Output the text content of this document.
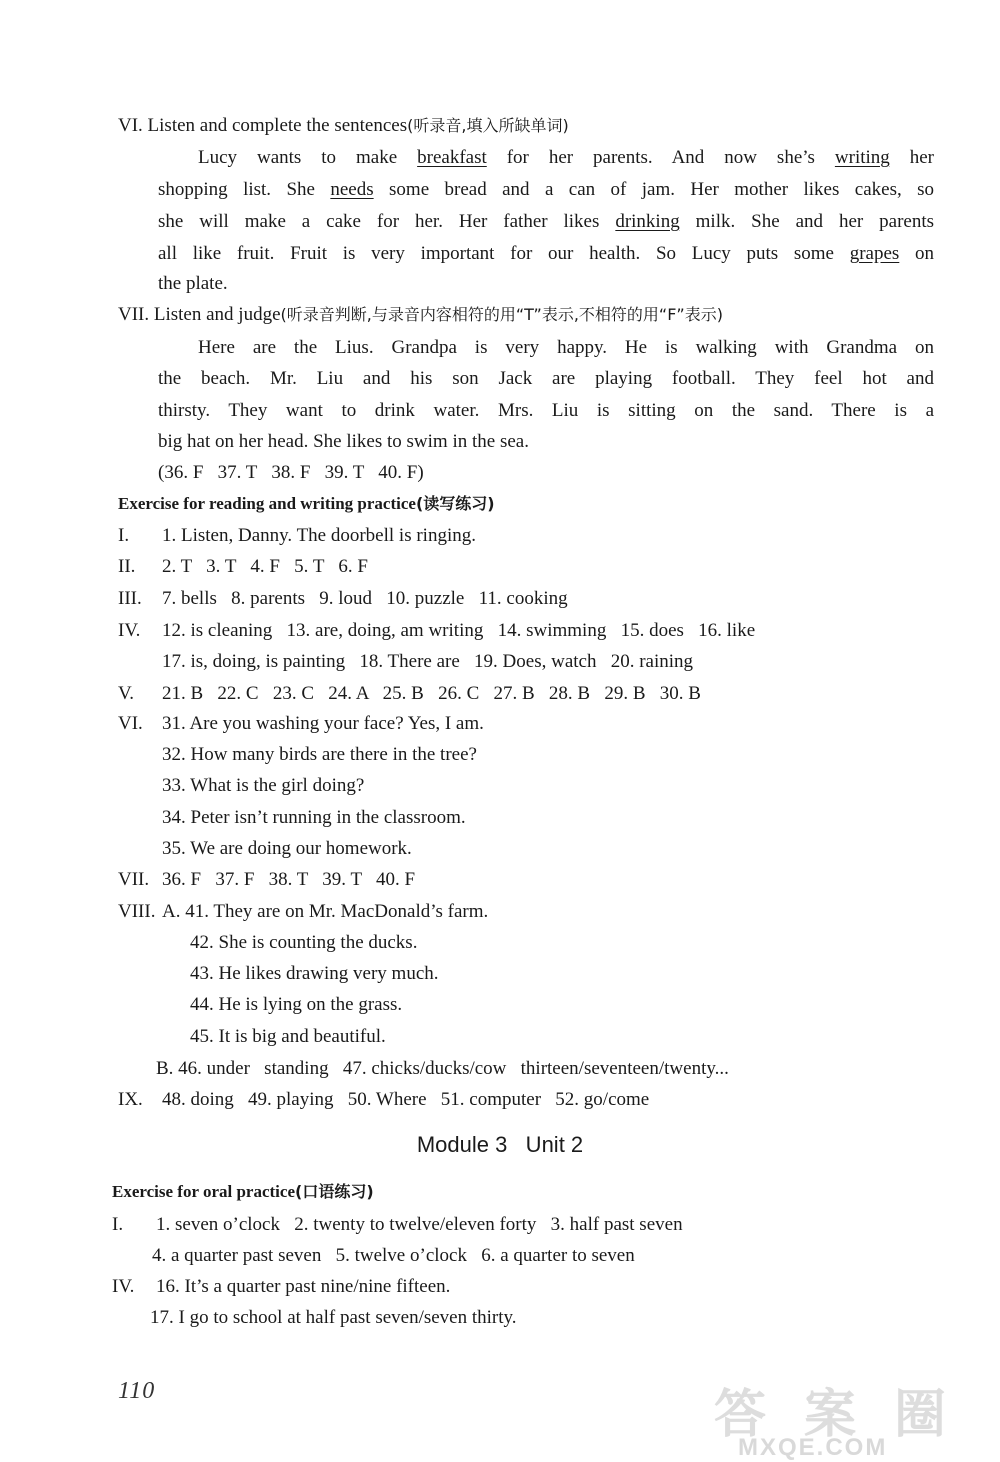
VI. Listen and complete the sentences(听录音,填入所缺单词)
Lucy wants to make breakfast for her parents. And now she’s writing her
shopping list. She needs some bread and a can of jam. Her mother likes cakes, so
she will make a cake for her. Her father likes drinking milk. She and her parents
all like fruit. Fruit is very important for our health. So Lucy puts some grapes on
the plate.
VII. Listen and judge(听录音判断,与录音内容相符的用“T”表示,不相符的用“F”表示)
Here are the Lius. Grandpa is very happy. He is walking with Grandma on
the beach. Mr. Liu and his son Jack are playing football. They feel hot and
thirsty. They want to drink water. Mrs. Liu is sitting on the sand. There is a
big hat on her head. She likes to swim in the sea.
(36. F   37. T   38. F   39. T   40. F)
Exercise for reading and writing practice(读写练习)
I. 1. Listen, Danny. The doorbell is ringing.
II. 2. T   3. T   4. F   5. T   6. F
III. 7. bells   8. parents   9. loud   10. puzzle   11. cooking
IV. 12. is cleaning   13. are, doing, am writing   14. swimming   15. does   16. like
17. is, doing, is painting   18. There are   19. Does, watch   20. raining
V. 21. B   22. C   23. C   24. A   25. B   26. C   27. B   28. B   29. B   30. B
VI. 31. Are you washing your face? Yes, I am.
32. How many birds are there in the tree?
33. What is the girl doing?
34. Peter isn’t running in the classroom.
35. We are doing our homework.
VII. 36. F   37. F   38. T   39. T   40. F
VIII. A. 41. They are on Mr. MacDonald’s farm.
42. She is counting the ducks.
43. He likes drawing very much.
44. He is lying on the grass.
45. It is big and beautiful.
B. 46. under   standing   47. chicks/ducks/cow   thirteen/seventeen/twenty...
IX. 48. doing   49. playing   50. Where   51. computer   52. go/come
Module 3   Unit 2
Exercise for oral practice(口语练习)
I. 1. seven o’clock   2. twenty to twelve/eleven forty   3. half past seven
4. a quarter past seven   5. twelve o’clock   6. a quarter to seven
IV. 16. It’s a quarter past nine/nine fifteen.
17. I go to school at half past seven/seven thirty.
110	答 案 圈
MXQE.COM
